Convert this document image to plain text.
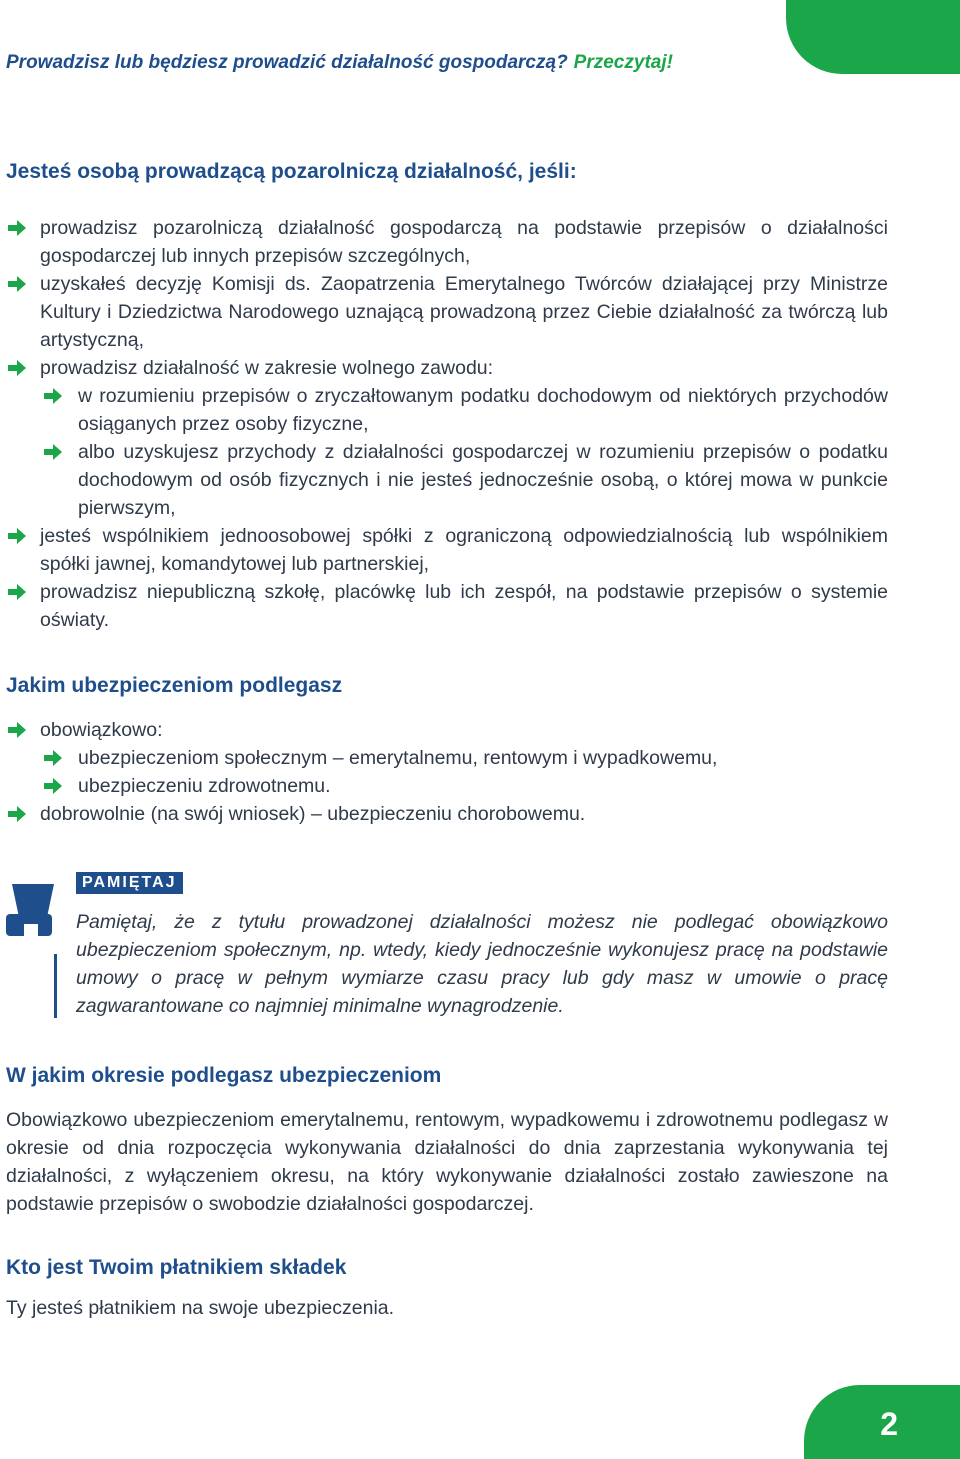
Prowadzisz lub będziesz prowadzić działalność gospodarczą? Przeczytaj!
Jesteś osobą prowadzącą pozarolniczą działalność, jeśli:
prowadzisz pozarolniczą działalność gospodarczą na podstawie przepisów o działalności gospodarczej lub innych przepisów szczególnych,
uzyskałeś decyzję Komisji ds. Zaopatrzenia Emerytalnego Twórców działającej przy Ministrze Kultury i Dziedzictwa Narodowego uznającą prowadzoną przez Ciebie działalność za twórczą lub artystyczną,
prowadzisz działalność w zakresie wolnego zawodu:
w rozumieniu przepisów o zryczałtowanym podatku dochodowym od niektórych przychodów osiąganych przez osoby fizyczne,
albo uzyskujesz przychody z działalności gospodarczej w rozumieniu przepisów o podatku dochodowym od osób fizycznych i nie jesteś jednocześnie osobą, o której mowa w punkcie pierwszym,
jesteś wspólnikiem jednoosobowej spółki z ograniczoną odpowiedzialnością lub wspólnikiem spółki jawnej, komandytowej lub partnerskiej,
prowadzisz niepubliczną szkołę, placówkę lub ich zespół, na podstawie przepisów o systemie oświaty.
Jakim ubezpieczeniom podlegasz
obowiązkowo:
ubezpieczeniom społecznym – emerytalnemu, rentowym i wypadkowemu,
ubezpieczeniu zdrowotnemu.
dobrowolnie (na swój wniosek) – ubezpieczeniu chorobowemu.
PAMIĘTAJ
Pamiętaj, że z tytułu prowadzonej działalności możesz nie podlegać obowiązkowo ubezpieczeniom społecznym, np. wtedy, kiedy jednocześnie wykonujesz pracę na podstawie umowy o pracę w pełnym wymiarze czasu pracy lub gdy masz w umowie o pracę zagwarantowane co najmniej minimalne wynagrodzenie.
W jakim okresie podlegasz ubezpieczeniom

Obowiązkowo ubezpieczeniom emerytalnemu, rentowym, wypadkowemu i zdrowotnemu podlegasz w okresie od dnia rozpoczęcia wykonywania działalności do dnia zaprzestania wykonywania tej działalności, z wyłączeniem okresu, na który wykonywanie działalności zostało zawieszone na podstawie przepisów o swobodzie działalności gospodarczej.

Kto jest Twoim płatnikiem składek

Ty jesteś płatnikiem na swoje ubezpieczenia.

2
